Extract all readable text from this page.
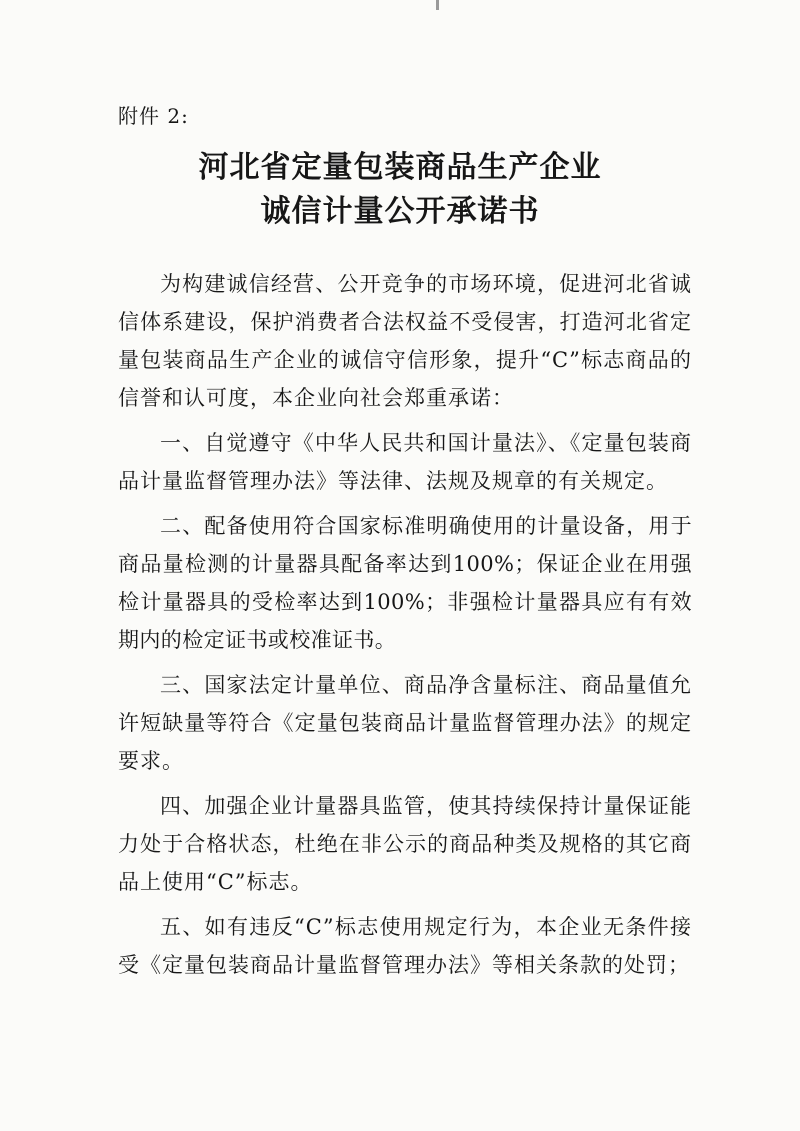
附件 2:
河北省定量包装商品生产企业
诚信计量公开承诺书

为构建诚信经营、公开竞争的市场环境，促进河北省诚信体系建设，保护消费者合法权益不受侵害，打造河北省定量包装商品生产企业的诚信守信形象，提升“C”标志商品的信誉和认可度，本企业向社会郑重承诺：

一、自觉遵守《中华人民共和国计量法》、《定量包装商品计量监督管理办法》等法律、法规及规章的有关规定。

二、配备使用符合国家标准明确使用的计量设备，用于商品量检测的计量器具配备率达到100%；保证企业在用强检计量器具的受检率达到100%；非强检计量器具应有有效期内的检定证书或校准证书。

三、国家法定计量单位、商品净含量标注、商品量值允许短缺量等符合《定量包装商品计量监督管理办法》的规定要求。

四、加强企业计量器具监管，使其持续保持计量保证能力处于合格状态，杜绝在非公示的商品种类及规格的其它商品上使用“C”标志。

五、如有违反“C”标志使用规定行为，本企业无条件接受《定量包装商品计量监督管理办法》等相关条款的处罚；
